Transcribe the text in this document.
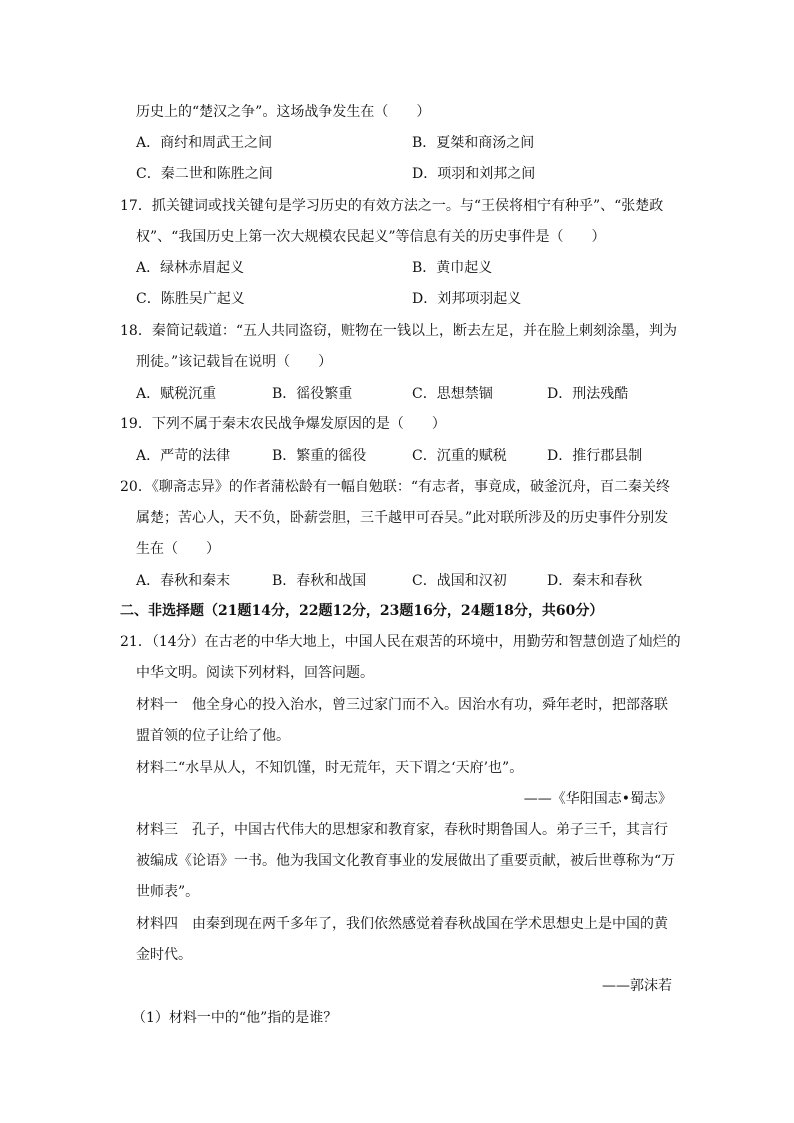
历史上的“楚汉之争”。这场战争发生在（　　）
A．商纣和周武王之间	B．夏桀和商汤之间
C．秦二世和陈胜之间	D．项羽和刘邦之间
17．抓关键词或找关键句是学习历史的有效方法之一。与“王侯将相宁有种乎”、“张楚政
权”、“我国历史上第一次大规模农民起义”等信息有关的历史事件是（　　）
A．绿林赤眉起义	B．黄巾起义
C．陈胜吴广起义	D．刘邦项羽起义
18．秦简记载道：“五人共同盗窃，赃物在一钱以上，断去左足，并在脸上刺刻涂墨，判为
刑徒。”该记载旨在说明（　　）
A．赋税沉重	B．徭役繁重	C．思想禁锢	D．刑法残酷
19．下列不属于秦末农民战争爆发原因的是（　　）
A．严苛的法律	B．繁重的徭役	C．沉重的赋税	D．推行郡县制
20．《聊斋志异》的作者蒲松龄有一幅自勉联：“有志者，事竟成，破釜沉舟，百二秦关终
属楚；苦心人，天不负，卧薪尝胆，三千越甲可吞吴。”此对联所涉及的历史事件分别发
生在（　　）
A．春秋和秦末	B．春秋和战国	C．战国和汉初	D．秦末和春秋
二、非选择题（21题14分，22题12分，23题16分，24题18分，共60分）
21．（14分）在古老的中华大地上，中国人民在艰苦的环境中，用勤劳和智慧创造了灿烂的
中华文明。阅读下列材料，回答问题。
材料一　他全身心的投入治水，曾三过家门而不入。因治水有功，舜年老时，把部落联
盟首领的位子让给了他。
材料二“水旱从人，不知饥馑，时无荒年，天下谓之‘天府’也”。
——《华阳国志•蜀志》
材料三　孔子，中国古代伟大的思想家和教育家，春秋时期鲁国人。弟子三千，其言行
被编成《论语》一书。他为我国文化教育事业的发展做出了重要贡献，被后世尊称为“万
世师表”。
材料四　由秦到现在两千多年了，我们依然感觉着春秋战国在学术思想史上是中国的黄
金时代。
——郭沫若
（1）材料一中的“他”指的是谁？
